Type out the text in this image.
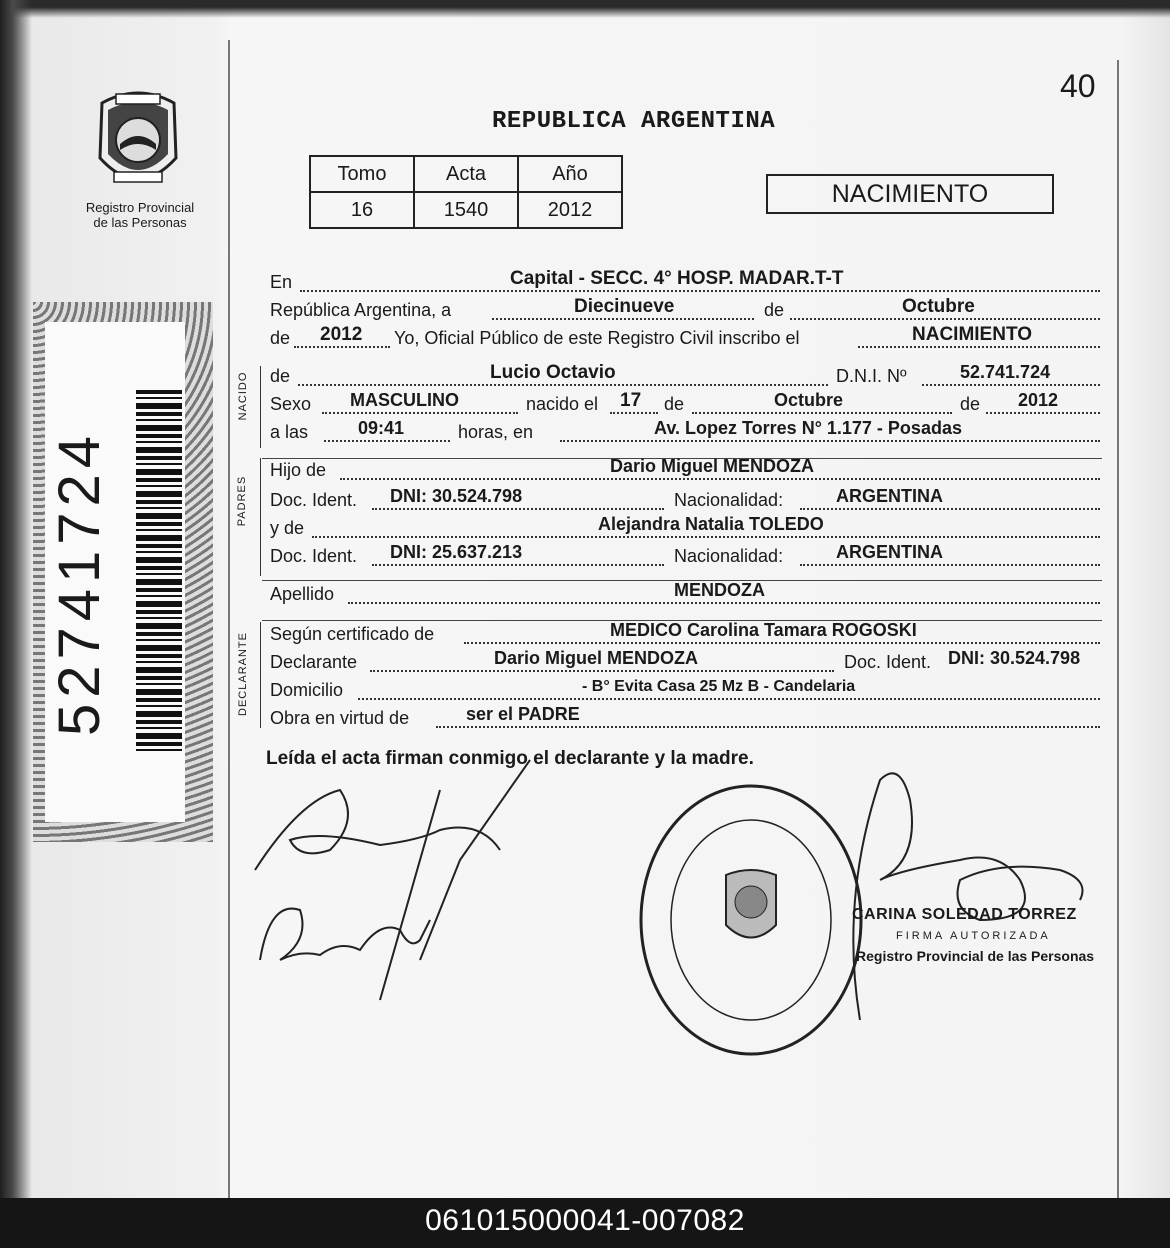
40
Registro Provincial
de las Personas
REPUBLICA ARGENTINA
Tomo	Acta	Año
16	1540	2012
NACIMIENTO
52741724
NACIDO
PADRES
DECLARANTE
En	Capital - SECC. 4° HOSP. MADAR.T-T
República Argentina, a	Diecinueve	de	Octubre
de 2012 Yo, Oficial Público de este Registro Civil inscribo el	NACIMIENTO
de	Lucio Octavio	D.N.I. Nº	52.741.724
Sexo MASCULINO	nacido el 17 de	Octubre	de 2012
a las	09:41	horas, en	Av. Lopez Torres N° 1.177 - Posadas
Hijo de	Dario Miguel MENDOZA
Doc. Ident. DNI: 30.524.798	Nacionalidad:	ARGENTINA
y de	Alejandra Natalia TOLEDO
Doc. Ident. DNI: 25.637.213	Nacionalidad:	ARGENTINA
Apellido	MENDOZA
Según certificado de	MEDICO Carolina Tamara ROGOSKI
Declarante	Dario Miguel MENDOZA	Doc. Ident. DNI: 30.524.798
Domicilio	- B° Evita Casa 25 Mz B - Candelaria
Obra en virtud de	ser el PADRE
Leída el acta firman conmigo el declarante y la madre.
CARINA SOLEDAD TORREZ
FIRMA AUTORIZADA
Registro Provincial de las Personas
061015000041-007082
